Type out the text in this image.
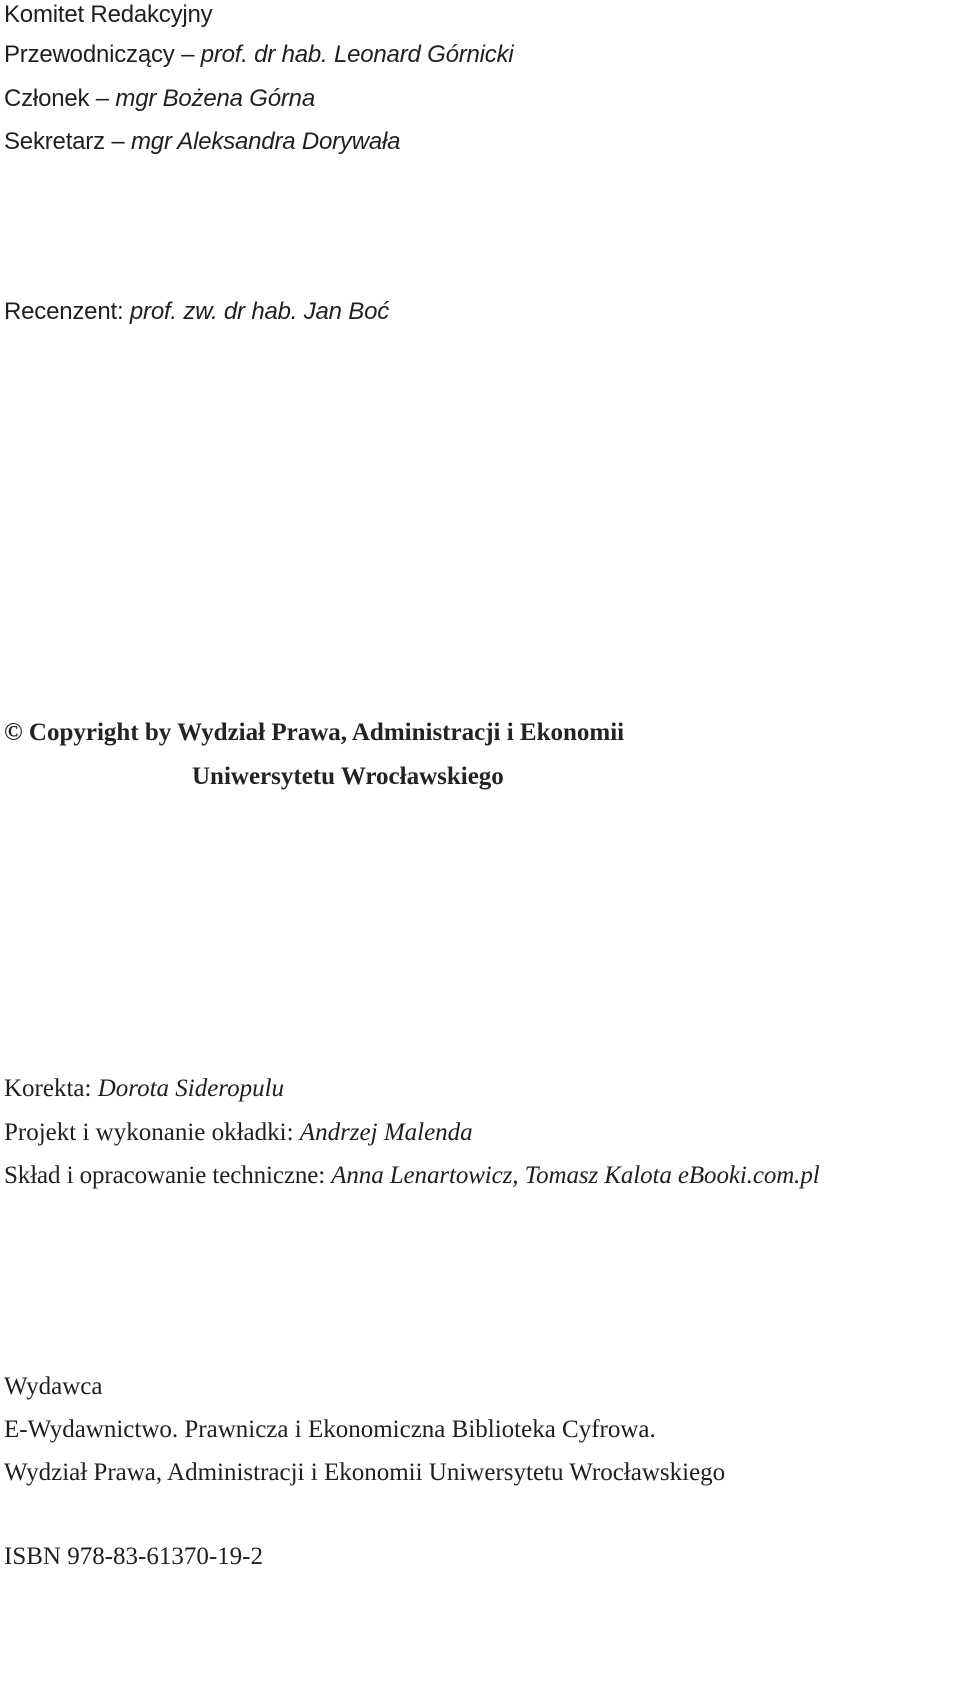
Komitet Redakcyjny
Przewodniczący – prof. dr hab. Leonard Górnicki
Członek – mgr Bożena Górna
Sekretarz – mgr Aleksandra Dorywała
Recenzent: prof. zw. dr hab. Jan Boć
© Copyright by Wydział Prawa, Administracji i Ekonomii
Uniwersytetu Wrocławskiego
Korekta: Dorota Sideropulu
Projekt i wykonanie okładki: Andrzej Malenda
Skład i opracowanie techniczne: Anna Lenartowicz, Tomasz Kalota eBooki.com.pl
Wydawca
E-Wydawnictwo. Prawnicza i Ekonomiczna Biblioteka Cyfrowa.
Wydział Prawa, Administracji i Ekonomii Uniwersytetu Wrocławskiego
ISBN 978-83-61370-19-2
